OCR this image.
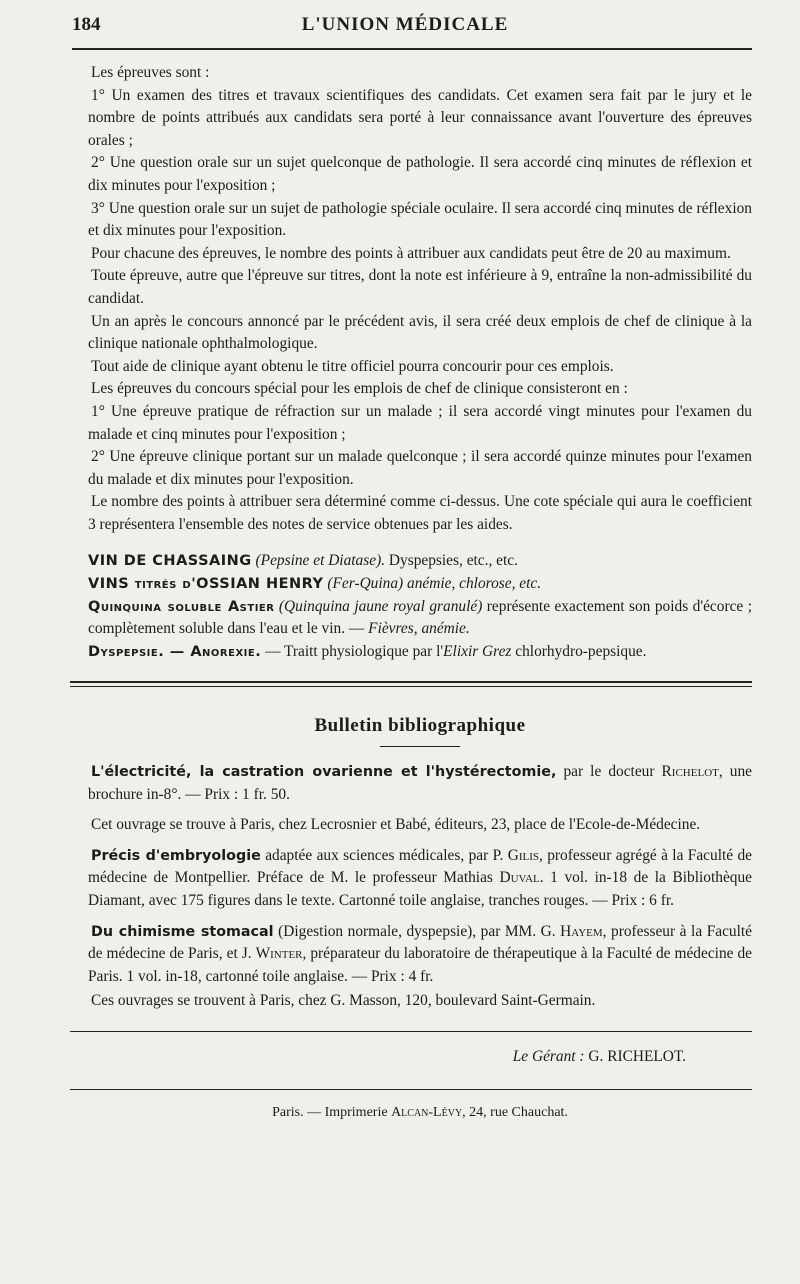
184	L'UNION MÉDICALE

Les épreuves sont :

1° Un examen des titres et travaux scientifiques des candidats. Cet examen sera fait par le jury et le nombre de points attribués aux candidats sera porté à leur connaissance avant l'ouverture des épreuves orales ;

2° Une question orale sur un sujet quelconque de pathologie. Il sera accordé cinq minutes de réflexion et dix minutes pour l'exposition ;

3° Une question orale sur un sujet de pathologie spéciale oculaire. Il sera accordé cinq minutes de réflexion et dix minutes pour l'exposition.

Pour chacune des épreuves, le nombre des points à attribuer aux candidats peut être de 20 au maximum.

Toute épreuve, autre que l'épreuve sur titres, dont la note est inférieure à 9, entraîne la non-admissibilité du candidat.

Un an après le concours annoncé par le précédent avis, il sera créé deux emplois de chef de clinique à la clinique nationale ophthalmologique.

Tout aide de clinique ayant obtenu le titre officiel pourra concourir pour ces emplois.

Les épreuves du concours spécial pour les emplois de chef de clinique consisteront en :

1° Une épreuve pratique de réfraction sur un malade ; il sera accordé vingt minutes pour l'examen du malade et cinq minutes pour l'exposition ;

2° Une épreuve clinique portant sur un malade quelconque ; il sera accordé quinze minutes pour l'examen du malade et dix minutes pour l'exposition.

Le nombre des points à attribuer sera déterminé comme ci-dessus. Une cote spéciale qui aura le coefficient 3 représentera l'ensemble des notes de service obtenues par les aides.

VIN DE CHASSAING (Pepsine et Diatase). Dyspepsies, etc., etc.

VINS titrés d'OSSIAN HENRY (Fer-Quina) anémie, chlorose, etc.

Quinquina soluble Astier (Quinquina jaune royal granulé) représente exactement son poids d'écorce ; complètement soluble dans l'eau et le vin. — Fièvres, anémie.

Dyspepsie. — Anorexie. — Traitt physiologique par l'Elixir Grez chlorhydro-pepsique.

Bulletin bibliographique

L'électricité, la castration ovarienne et l'hystérectomie, par le docteur Richelot, une brochure in-8°. — Prix : 1 fr. 50.

Cet ouvrage se trouve à Paris, chez Lecrosnier et Babé, éditeurs, 23, place de l'Ecole-de-Médecine.

Précis d'embryologie adaptée aux sciences médicales, par P. Gilis, professeur agrégé à la Faculté de médecine de Montpellier. Préface de M. le professeur Mathias Duval. 1 vol. in-18 de la Bibliothèque Diamant, avec 175 figures dans le texte. Cartonné toile anglaise, tranches rouges. — Prix : 6 fr.

Du chimisme stomacal (Digestion normale, dyspepsie), par MM. G. Hayem, professeur à la Faculté de médecine de Paris, et J. Winter, préparateur du laboratoire de thérapeutique à la Faculté de médecine de Paris. 1 vol. in-18, cartonné toile anglaise. — Prix : 4 fr.

Ces ouvrages se trouvent à Paris, chez G. Masson, 120, boulevard Saint-Germain.

Le Gérant : G. RICHELOT.
Paris. — Imprimerie Alcan-Lévy, 24, rue Chauchat.
